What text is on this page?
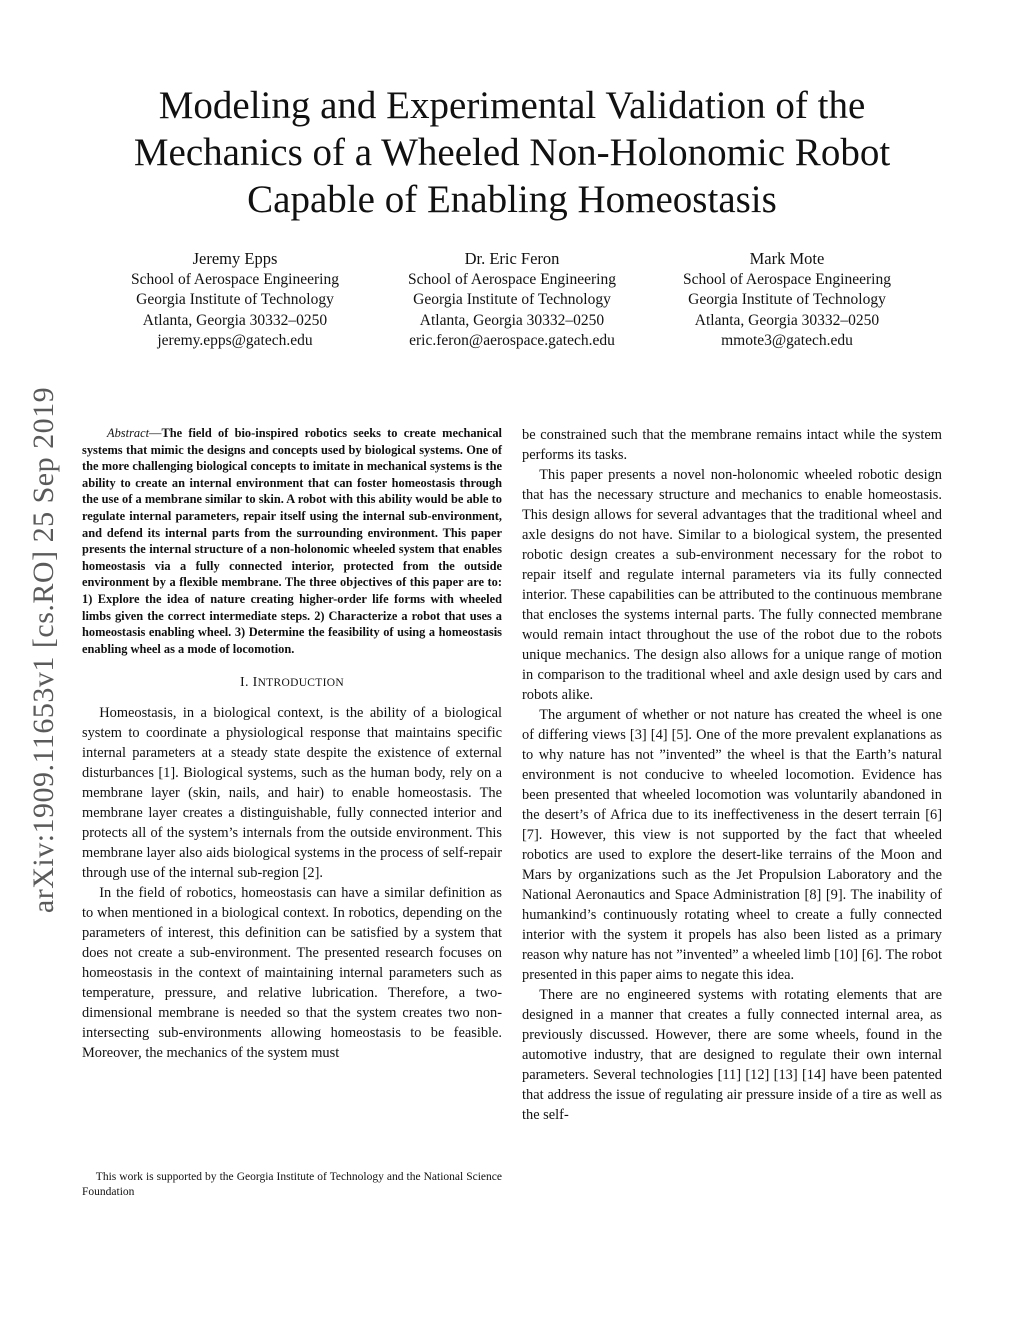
arXiv:1909.11653v1 [cs.RO] 25 Sep 2019
Modeling and Experimental Validation of the
Mechanics of a Wheeled Non-Holonomic Robot
Capable of Enabling Homeostasis
Jeremy Epps
School of Aerospace Engineering
Georgia Institute of Technology
Atlanta, Georgia 30332–0250
jeremy.epps@gatech.edu
Dr. Eric Feron
School of Aerospace Engineering
Georgia Institute of Technology
Atlanta, Georgia 30332–0250
eric.feron@aerospace.gatech.edu
Mark Mote
School of Aerospace Engineering
Georgia Institute of Technology
Atlanta, Georgia 30332–0250
mmote3@gatech.edu

Abstract—The field of bio-inspired robotics seeks to create mechanical systems that mimic the designs and concepts used by biological systems. One of the more challenging biological concepts to imitate in mechanical systems is the ability to create an internal environment that can foster homeostasis through the use of a membrane similar to skin. A robot with this ability would be able to regulate internal parameters, repair itself using the internal sub-environment, and defend its internal parts from the surrounding environment. This paper presents the internal structure of a non-holonomic wheeled system that enables homeostasis via a fully connected interior, protected from the outside environment by a flexible membrane. The three objectives of this paper are to: 1) Explore the idea of nature creating higher-order life forms with wheeled limbs given the correct intermediate steps. 2) Characterize a robot that uses a homeostasis enabling wheel. 3) Determine the feasibility of using a homeostasis enabling wheel as a mode of locomotion.

I. INTRODUCTION

Homeostasis, in a biological context, is the ability of a biological system to coordinate a physiological response that maintains specific internal parameters at a steady state despite the existence of external disturbances [1]. Biological systems, such as the human body, rely on a membrane layer (skin, nails, and hair) to enable homeostasis. The membrane layer creates a distinguishable, fully connected interior and protects all of the system’s internals from the outside environment. This membrane layer also aids biological systems in the process of self-repair through use of the internal sub-region [2].

In the field of robotics, homeostasis can have a similar definition as to when mentioned in a biological context. In robotics, depending on the parameters of interest, this definition can be satisfied by a system that does not create a sub-environment. The presented research focuses on homeostasis in the context of maintaining internal parameters such as temperature, pressure, and relative lubrication. Therefore, a two-dimensional membrane is needed so that the system creates two non-intersecting sub-environments allowing homeostasis to be feasible. Moreover, the mechanics of the system must

be constrained such that the membrane remains intact while the system performs its tasks.

This paper presents a novel non-holonomic wheeled robotic design that has the necessary structure and mechanics to enable homeostasis. This design allows for several advantages that the traditional wheel and axle designs do not have. Similar to a biological system, the presented robotic design creates a sub-environment necessary for the robot to repair itself and regulate internal parameters via its fully connected interior. These capabilities can be attributed to the continuous membrane that encloses the systems internal parts. The fully connected membrane would remain intact throughout the use of the robot due to the robots unique mechanics. The design also allows for a unique range of motion in comparison to the traditional wheel and axle design used by cars and robots alike.

The argument of whether or not nature has created the wheel is one of differing views [3] [4] [5]. One of the more prevalent explanations as to why nature has not ”invented” the wheel is that the Earth’s natural environment is not conducive to wheeled locomotion. Evidence has been presented that wheeled locomotion was voluntarily abandoned in the desert’s of Africa due to its ineffectiveness in the desert terrain [6] [7]. However, this view is not supported by the fact that wheeled robotics are used to explore the desert-like terrains of the Moon and Mars by organizations such as the Jet Propulsion Laboratory and the National Aeronautics and Space Administration [8] [9]. The inability of humankind’s continuously rotating wheel to create a fully connected interior with the system it propels has also been listed as a primary reason why nature has not ”invented” a wheeled limb [10] [6]. The robot presented in this paper aims to negate this idea.

There are no engineered systems with rotating elements that are designed in a manner that creates a fully connected internal area, as previously discussed. However, there are some wheels, found in the automotive industry, that are designed to regulate their own internal parameters. Several technologies [11] [12] [13] [14] have been patented that address the issue of regulating air pressure inside of a tire as well as the self-

This work is supported by the Georgia Institute of Technology and the National Science Foundation
